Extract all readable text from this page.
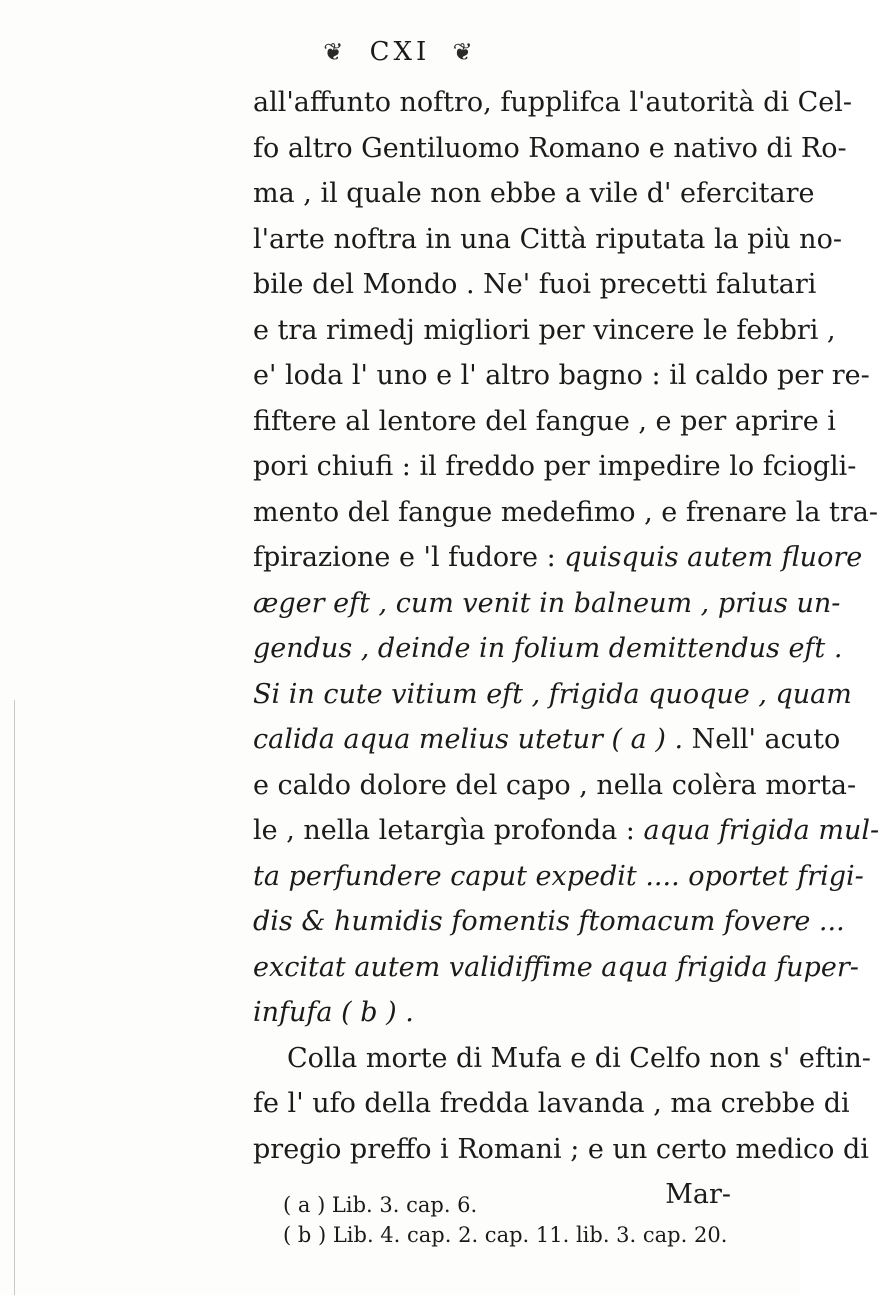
❦ CXI ❦
all'affunto noftro, fupplifca l'autorità di Cel-
fo altro Gentiluomo Romano e nativo di Ro-
ma , il quale non ebbe a vile d' efercitare
l'arte noftra in una Città riputata la più no-
bile del Mondo . Ne' fuoi precetti falutari
e tra rimedj migliori per vincere le febbri ,
e' loda l' uno e l' altro bagno : il caldo per re-
fiftere al lentore del fangue , e per aprire i
pori chiufi : il freddo per impedire lo fciogli-
mento del fangue medefimo , e frenare la tra-
fpirazione e 'l fudore : quisquis autem fluore
æger eft , cum venit in balneum , prius un-
gendus , deinde in folium demittendus eft .
Si in cute vitium eft , frigida quoque , quam
calida aqua melius utetur ( a ) . Nell' acuto
e caldo dolore del capo , nella colèra morta-
le , nella letargìa profonda : aqua frigida mul-
ta perfundere caput expedit .... oportet frigi-
dis & humidis fomentis ftomacum fovere ...
excitat autem validiffime aqua frigida fuper-
infufa ( b ) .
Colla morte di Mufa e di Celfo non s' eftin-
fe l' ufo della fredda lavanda , ma crebbe di
pregio preffo i Romani ; e un certo medico di
Mar-
( a ) Lib. 3. cap. 6.
( b ) Lib. 4. cap. 2. cap. 11. lib. 3. cap. 20.
